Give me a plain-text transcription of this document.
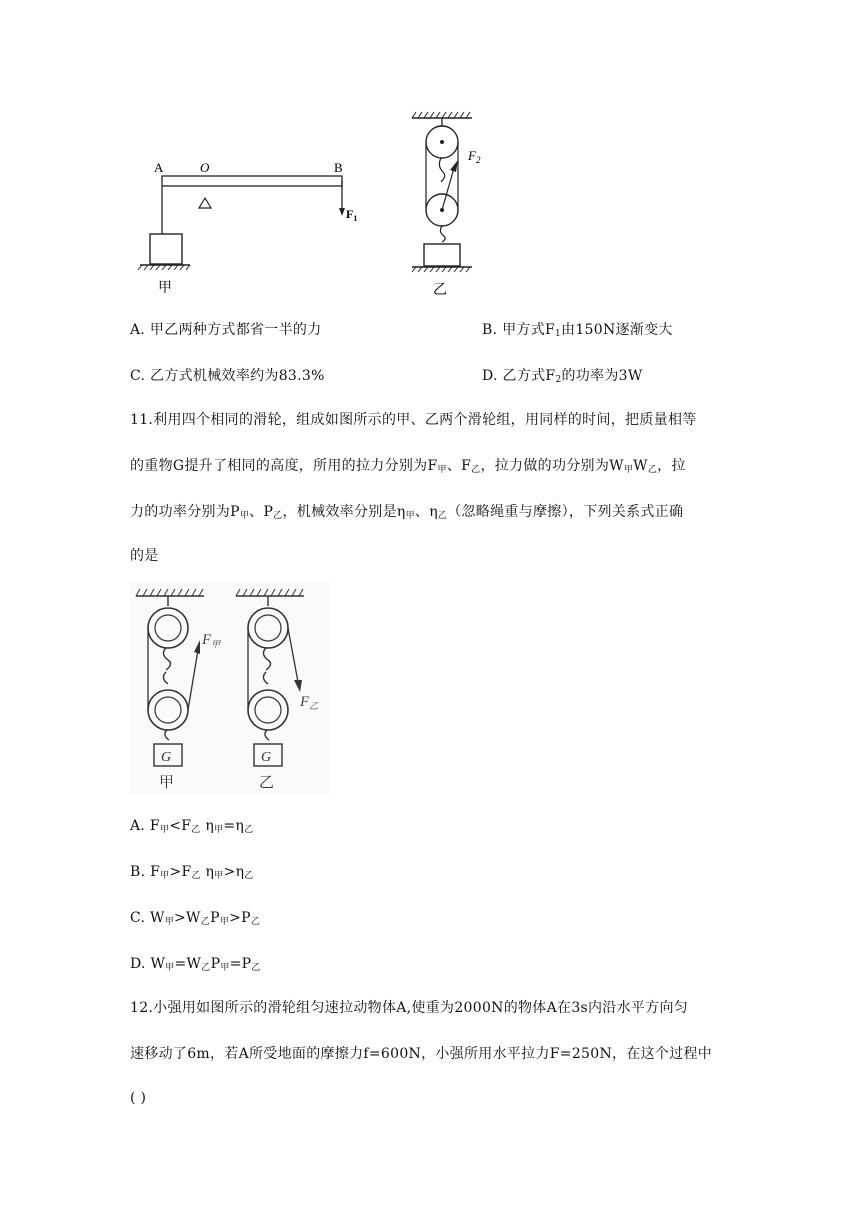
A	O	B
$F_1$
甲
$F_2$
乙
A. 甲乙两种方式都省一半的力	B. 甲方式$F_1$由150N逐渐变大
C. 乙方式机械效率约为83.3%	D. 乙方式$F_2$的功率为3W
11.利用四个相同的滑轮，组成如图所示的甲、乙两个滑轮组，用同样的时间，把质量相等
的重物G提升了相同的高度，所用的拉力分别为$F_甲$、$F_乙$，拉力做的功分别为$W_甲W_乙$，拉
力的功率分别为$P_甲$、$P_乙$，机械效率分别是$\eta_甲$、$\eta_乙$（忽略绳重与摩擦），下列关系式正确
的是
G
甲
$F_甲$
G
乙
$F_乙$
A. $F_甲<F_乙$ $\eta_甲=\eta_乙$
B. $F_甲>F_乙$ $\eta_甲>\eta_乙$
C. $W_甲>W_乙P_甲>P_乙$
D. $W_甲=W_乙P_甲=P_乙$
12.小强用如图所示的滑轮组匀速拉动物体A,使重为2000N的物体A在3s内沿水平方向匀
速移动了6m，若A所受地面的摩擦力f=600N，小强所用水平拉力F=250N，在这个过程中
( )
